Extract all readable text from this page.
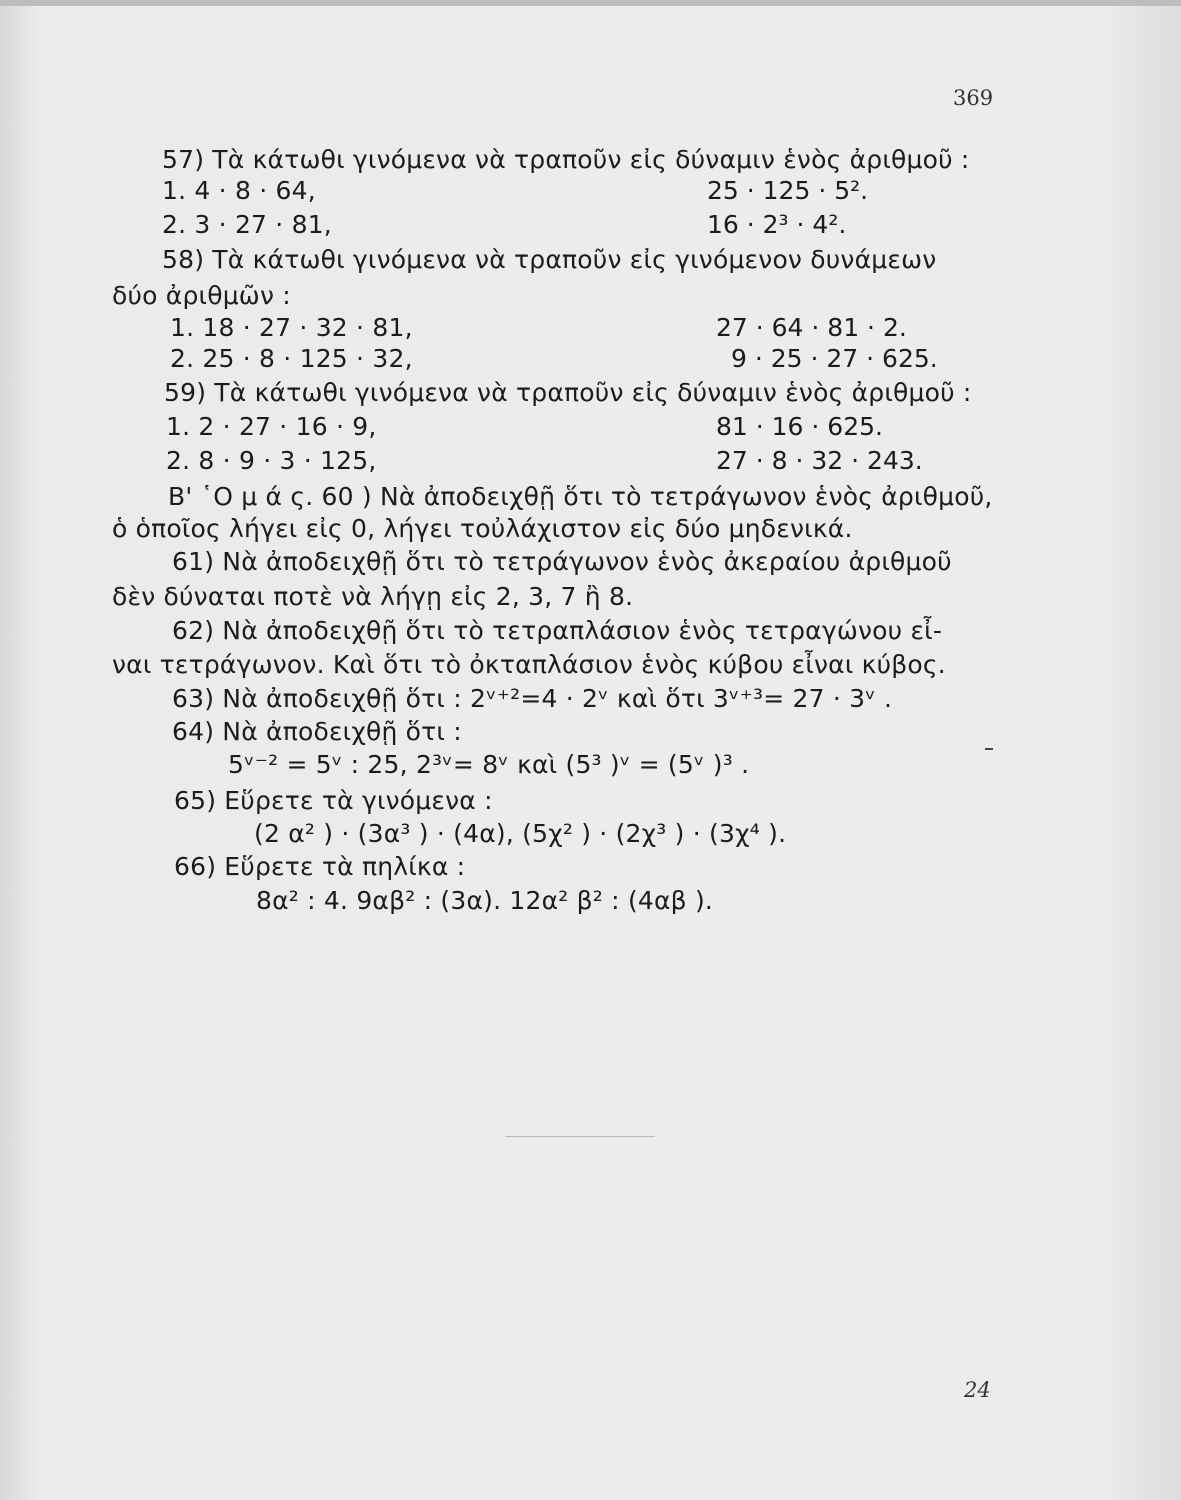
369
57) Τὰ κάτωθι γινόμενα νὰ τραποῦν εἰς δύναμιν ἑνὸς ἀριθμοῦ :
1. 4 · 8 · 64,	25 · 125 · 5².
2. 3 · 27 · 81,	16 · 2³ · 4².
58) Τὰ κάτωθι γινόμενα νὰ τραποῦν εἰς γινόμενον δυνάμεων
δύο ἀριθμῶν :
1. 18 · 27 · 32 · 81,	27 · 64 · 81 · 2.
2. 25 · 8 · 125 · 32,	9 · 25 · 27 · 625.
59) Τὰ κάτωθι γινόμενα νὰ τραποῦν εἰς δύναμιν ἑνὸς ἀριθμοῦ :
1. 2 · 27 · 16 · 9,	81 · 16 · 625.
2. 8 · 9 · 3 · 125,	27 · 8 · 32 · 243.
Β' ῾Ο μ ά ς. 60 ) Νὰ ἀποδειχθῇ ὅτι τὸ τετράγωνον ἑνὸς ἀριθμοῦ,
ὁ ὁποῖος λήγει εἰς 0, λήγει τοὐλάχιστον εἰς δύο μηδενικά.
61) Νὰ ἀποδειχθῇ ὅτι τὸ τετράγωνον ἑνὸς ἀκεραίου ἀριθμοῦ
δὲν δύναται ποτὲ νὰ λήγῃ εἰς 2, 3, 7 ἢ 8.
62) Νὰ ἀποδειχθῇ ὅτι τὸ τετραπλάσιον ἑνὸς τετραγώνου εἶ-
ναι τετράγωνον. Καὶ ὅτι τὸ ὀκταπλάσιον ἑνὸς κύβου εἶναι κύβος.
63) Νὰ ἀποδειχθῇ ὅτι : 2ᵛ⁺²=4 · 2ᵛ καὶ ὅτι 3ᵛ⁺³= 27 · 3ᵛ .
64) Νὰ ἀποδειχθῇ ὅτι :
5ᵛ⁻² = 5ᵛ : 25, 2³ᵛ= 8ᵛ καὶ (5³ )ᵛ = (5ᵛ )³ .
65) Εὕρετε τὰ γινόμενα :
(2 α² ) · (3α³ ) · (4α), (5χ² ) · (2χ³ ) · (3χ⁴ ).
66) Εὕρετε τὰ πηλίκα :
8α² : 4. 9αβ² : (3α). 12α² β² : (4αβ ).
24
